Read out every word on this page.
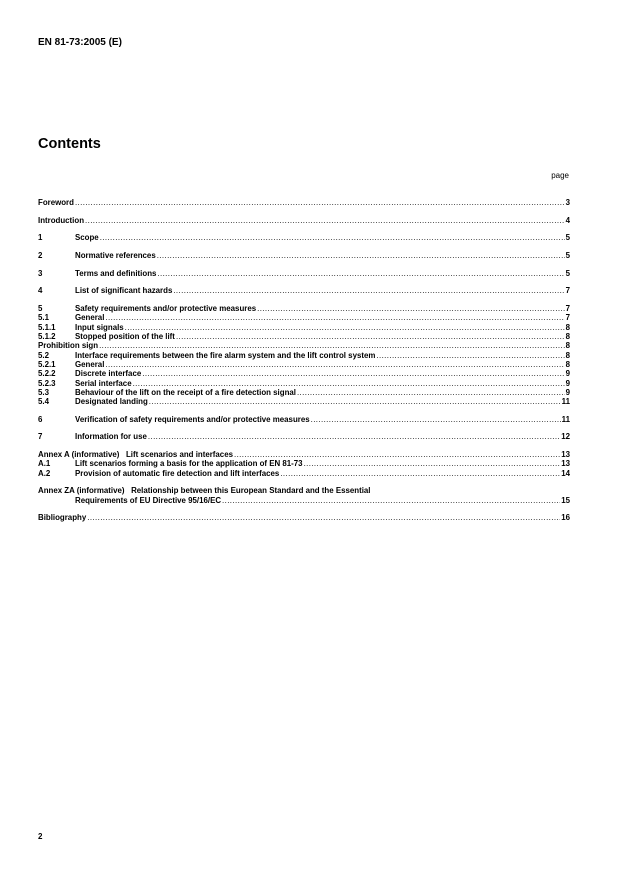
EN 81-73:2005 (E)
Contents
page
Foreword .....	3
Introduction .....	4
1	Scope .....	5
2	Normative references .....	5
3	Terms and definitions .....	5
4	List of significant hazards .....	7
5	Safety requirements and/or protective measures .....	7
5.1	General .....	7
5.1.1	Input signals .....	8
5.1.2	Stopped position of the lift .....	8
Prohibition sign .....	8
5.2	Interface requirements between the fire alarm system and the lift control system .....	8
5.2.1	General .....	8
5.2.2	Discrete interface .....	9
5.2.3	Serial interface .....	9
5.3	Behaviour of the lift on the receipt of a fire detection signal .....	9
5.4	Designated landing .....	11
6	Verification of safety requirements and/or protective measures .....	11
7	Information for use .....	12
Annex A (informative)   Lift scenarios and interfaces .....	13
A.1	Lift scenarios forming a basis for the application of EN 81-73 .....	13
A.2	Provision of automatic fire detection and lift interfaces .....	14
Annex ZA (informative)   Relationship between this European Standard and the Essential
Requirements of EU Directive 95/16/EC .....	15
Bibliography .....	16
2
